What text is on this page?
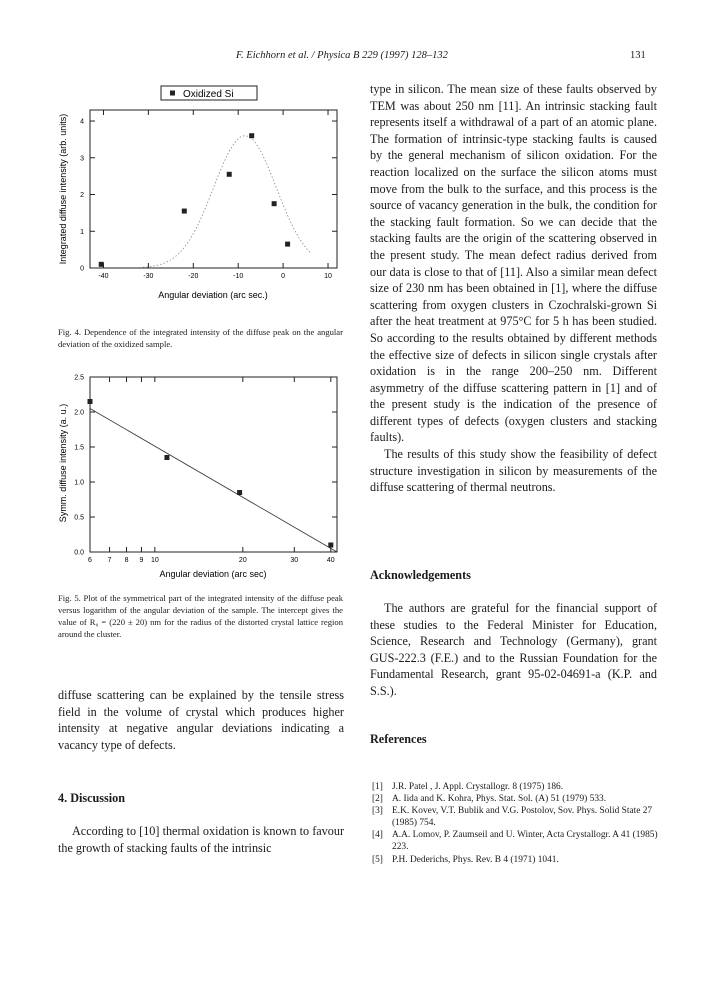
F. Eichhorn et al. / Physica B 229 (1997) 128–132	131
-40	-30	-20	-10	0	10
0
1
2
3
4
Oxidized Si
Angular deviation (arc sec.)
Integrated diffuse intensity (arb. units)
Fig. 4. Dependence of the integrated intensity of the diffuse peak on the angular deviation of the oxidized sample.
6 7 8 9 10	20	30	40
0.0
0.5
1.0
1.5
2.0
2.5
Angular deviation (arc sec)
Symm. diffuse intensity (a. u.)
Fig. 5. Plot of the symmetrical part of the integrated intensity of the diffuse peak versus logarithm of the angular deviation of the sample. The intercept gives the value of R₀ = (220 ± 20) nm for the radius of the distorted crystal lattice region around the cluster.
diffuse scattering can be explained by the tensile stress field in the volume of crystal which produces higher intensity at negative angular deviations indicating a vacancy type of defects.
4. Discussion
According to [10] thermal oxidation is known to favour the growth of stacking faults of the intrinsic

type in silicon. The mean size of these faults observed by TEM was about 250 nm [11]. An intrinsic stacking fault represents itself a withdrawal of a part of an atomic plane. The formation of intrinsic-type stacking faults is caused by the general mechanism of silicon oxidation. For the reaction localized on the surface the silicon atoms must move from the bulk to the surface, and this process is the source of vacancy generation in the bulk, the condition for the stacking fault formation. So we can decide that the stacking faults are the origin of the scattering observed in the present study. The mean defect radius derived from our data is close to that of [11]. Also a similar mean defect size of 230 nm has been obtained in [1], where the diffuse scattering from oxygen clusters in Czochralski-grown Si after the heat treatment at 975°C for 5 h has been studied. So according to the results obtained by different methods the effective size of defects in silicon single crystals after oxidation is in the range 200–250 nm. Different asymmetry of the diffuse scattering pattern in [1] and of the present study is the indication of the presence of different types of defects (oxygen clusters and stacking faults).

The results of this study show the feasibility of defect structure investigation in silicon by measurements of the diffuse scattering of thermal neutrons.

Acknowledgements
The authors are grateful for the financial support of these studies to the Federal Minister for Education, Science, Research and Technology (Germany), grant GUS-222.3 (F.E.) and to the Russian Foundation for the Fundamental Research, grant 95-02-04691-a (K.P. and S.S.).
References
[1] J.R. Patel , J. Appl. Crystallogr. 8 (1975) 186.
[2] A. Iida and K. Kohra, Phys. Stat. Sol. (A) 51 (1979) 533.
[3] E.K. Kovev, V.T. Bublik and V.G. Postolov, Sov. Phys. Solid State 27 (1985) 754.
[4] A.A. Lomov, P. Zaumseil and U. Winter, Acta Crystallogr. A 41 (1985) 223.
[5] P.H. Dederichs, Phys. Rev. B 4 (1971) 1041.
